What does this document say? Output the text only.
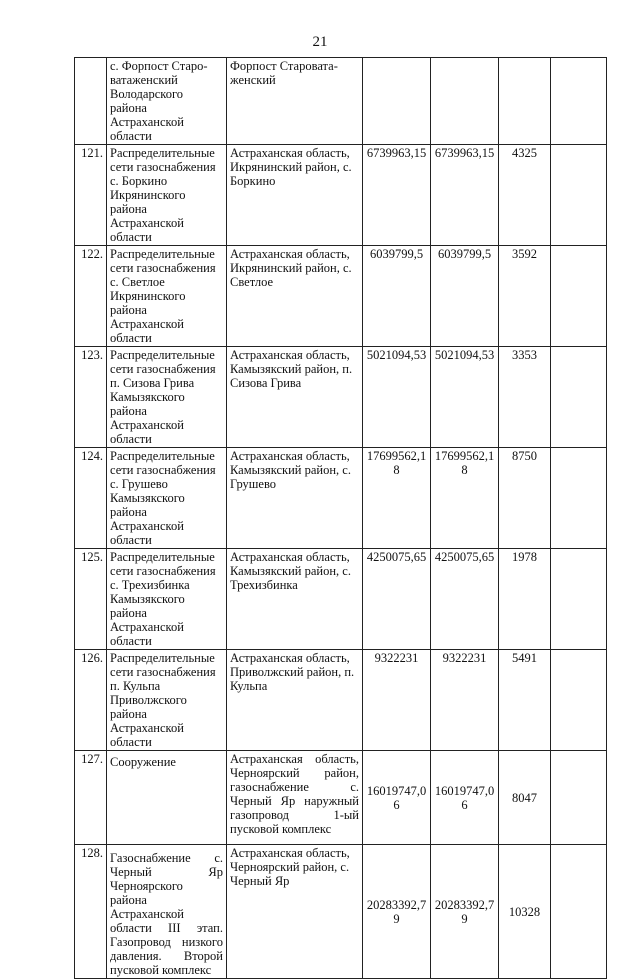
21
	с. Форпост Старо-ватаженский Володарского района Астраханской области	Форпост Старовата-женский				
121.	Распределительные сети газоснабжения с. Боркино Икрянинского района Астраханской области	Астраханская область, Икрянинский район, с. Боркино	6739963,15	6739963,15	4325	
122.	Распределительные сети газоснабжения с. Светлое Икрянинского района Астраханской области	Астраханская область, Икрянинский район, с. Светлое	6039799,5	6039799,5	3592	
123.	Распределительные сети газоснабжения п. Сизова Грива Камызякского района Астраханской области	Астраханская область, Камызякский район, п. Сизова Грива	5021094,53	5021094,53	3353	
124.	Распределительные сети газоснабжения с. Грушево Камызякского района Астраханской области	Астраханская область, Камызякский район, с. Грушево	17699562,18	17699562,18	8750	
125.	Распределительные сети газоснабжения с. Трехизбинка Камызякского района Астраханской области	Астраханская область, Камызякский район, с. Трехизбинка	4250075,65	4250075,65	1978	
126.	Распределительные сети газоснабжения п. Кульпа Приволжского района Астраханской области	Астраханская область, Приволжский район, п. Кульпа	9322231	9322231	5491	
127.	Сооружение	Астраханская область, Черноярский район, газоснабжение с. Черный Яр наружный газопровод 1-ый пусковой комплекс	16019747,06	16019747,06	8047	
128.	Газоснабжение с. Черный Яр Черноярского района Астраханской области III этап. Газопровод низкого давления. Второй пусковой комплекс	Астраханская область, Черноярский район, с. Черный Яр	20283392,79	20283392,79	10328	
